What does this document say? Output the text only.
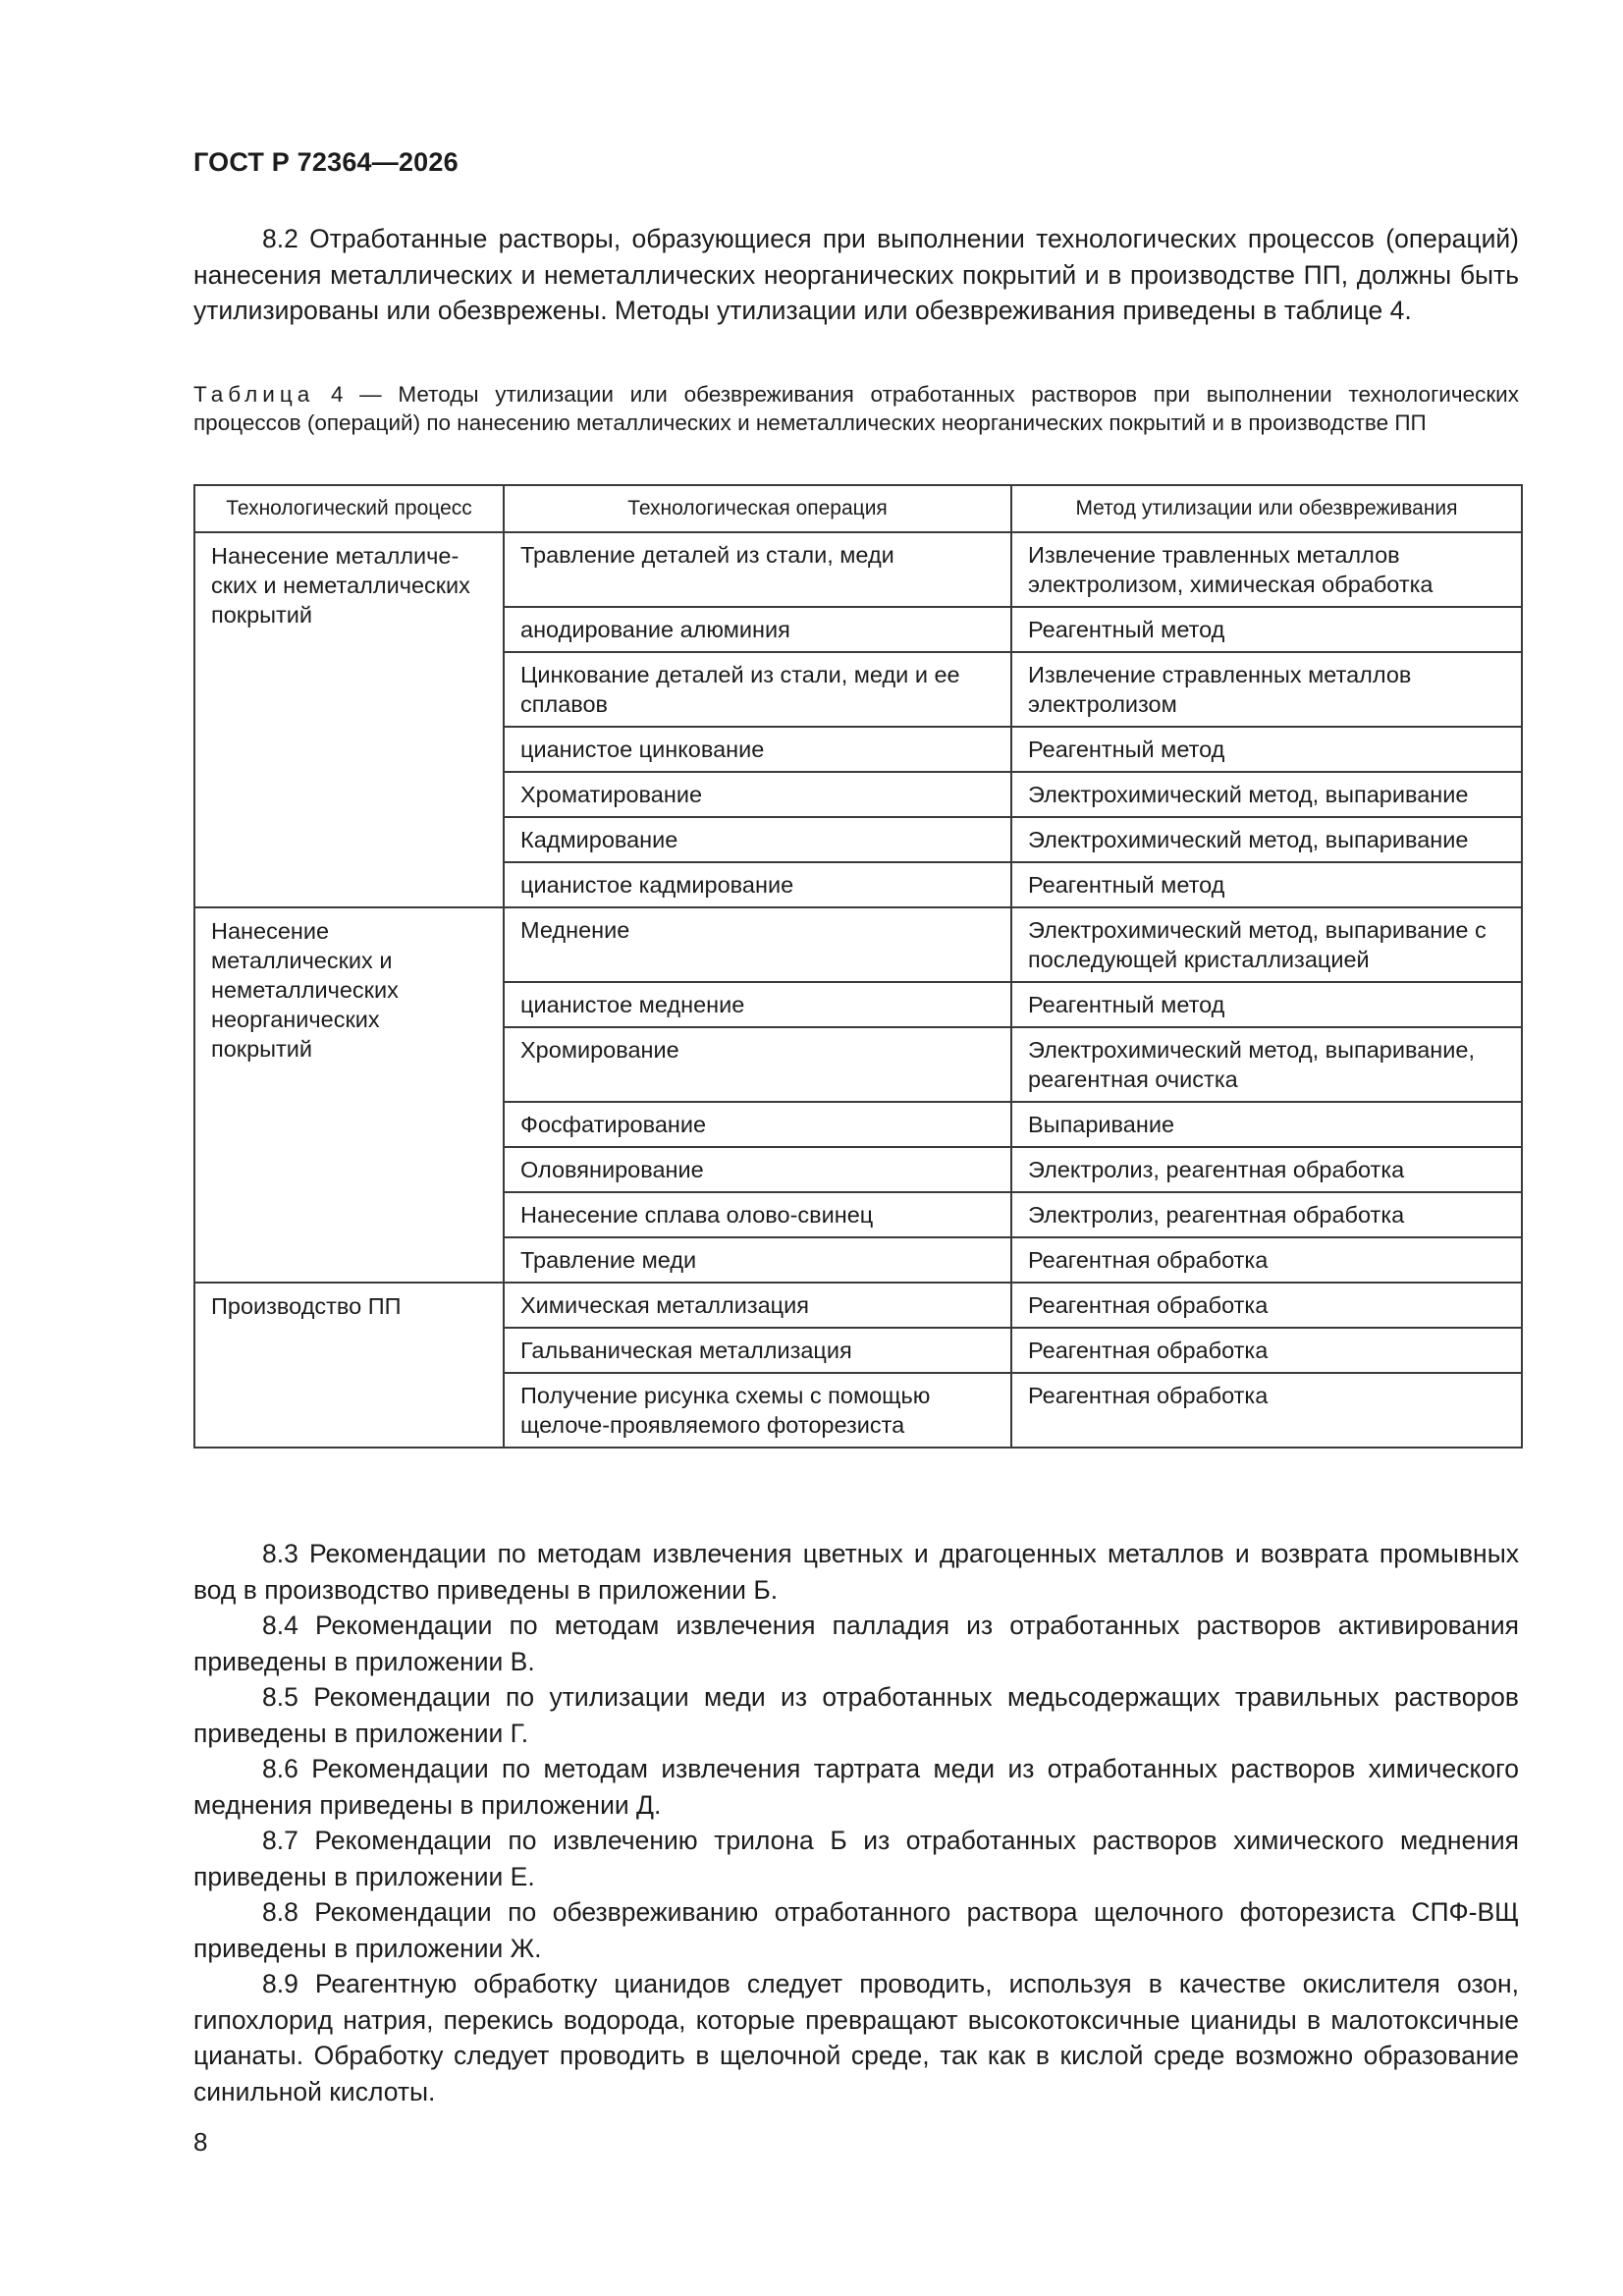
ГОСТ Р 72364—2026
8.2 Отработанные растворы, образующиеся при выполнении технологических процессов (операций) нанесения металлических и неметаллических неорганических покрытий и в производстве ПП, должны быть утилизированы или обезврежены. Методы утилизации или обезвреживания приведены в таблице 4.
Таблица 4 — Методы утилизации или обезвреживания отработанных растворов при выполнении технологических процессов (операций) по нанесению металлических и неметаллических неорганических покрытий и в производстве ПП
Технологический процесс	Технологическая операция	Метод утилизации или обезвреживания
Нанесение металличе-ских и неметаллических покрытий	Травление деталей из стали, меди	Извлечение травленных металлов электролизом, химическая обработка
	анодирование алюминия	Реагентный метод
	Цинкование деталей из стали, меди и ее сплавов	Извлечение стравленных металлов электролизом
	цианистое цинкование	Реагентный метод
	Хроматирование	Электрохимический метод, выпаривание
	Кадмирование	Электрохимический метод, выпаривание
	цианистое кадмирование	Реагентный метод
Нанесение металлических и неметаллических неорганических покрытий	Меднение	Электрохимический метод, выпаривание с последующей кристаллизацией
	цианистое меднение	Реагентный метод
	Хромирование	Электрохимический метод, выпаривание, реагентная очистка
	Фосфатирование	Выпаривание
	Оловянирование	Электролиз, реагентная обработка
	Нанесение сплава олово-свинец	Электролиз, реагентная обработка
	Травление меди	Реагентная обработка
Производство ПП	Химическая металлизация	Реагентная обработка
	Гальваническая металлизация	Реагентная обработка
	Получение рисунка схемы с помощью щелоче-проявляемого фоторезиста	Реагентная обработка

8.3 Рекомендации по методам извлечения цветных и драгоценных металлов и возврата промывных вод в производство приведены в приложении Б.

8.4 Рекомендации по методам извлечения палладия из отработанных растворов активирования приведены в приложении В.

8.5 Рекомендации по утилизации меди из отработанных медьсодержащих травильных растворов приведены в приложении Г.

8.6 Рекомендации по методам извлечения тартрата меди из отработанных растворов химического меднения приведены в приложении Д.

8.7 Рекомендации по извлечению трилона Б из отработанных растворов химического меднения приведены в приложении Е.

8.8 Рекомендации по обезвреживанию отработанного раствора щелочного фоторезиста СПФ-ВЩ приведены в приложении Ж.

8.9 Реагентную обработку цианидов следует проводить, используя в качестве окислителя озон, гипохлорид натрия, перекись водорода, которые превращают высокотоксичные цианиды в малотоксичные цианаты. Обработку следует проводить в щелочной среде, так как в кислой среде возможно образование синильной кислоты.

8
